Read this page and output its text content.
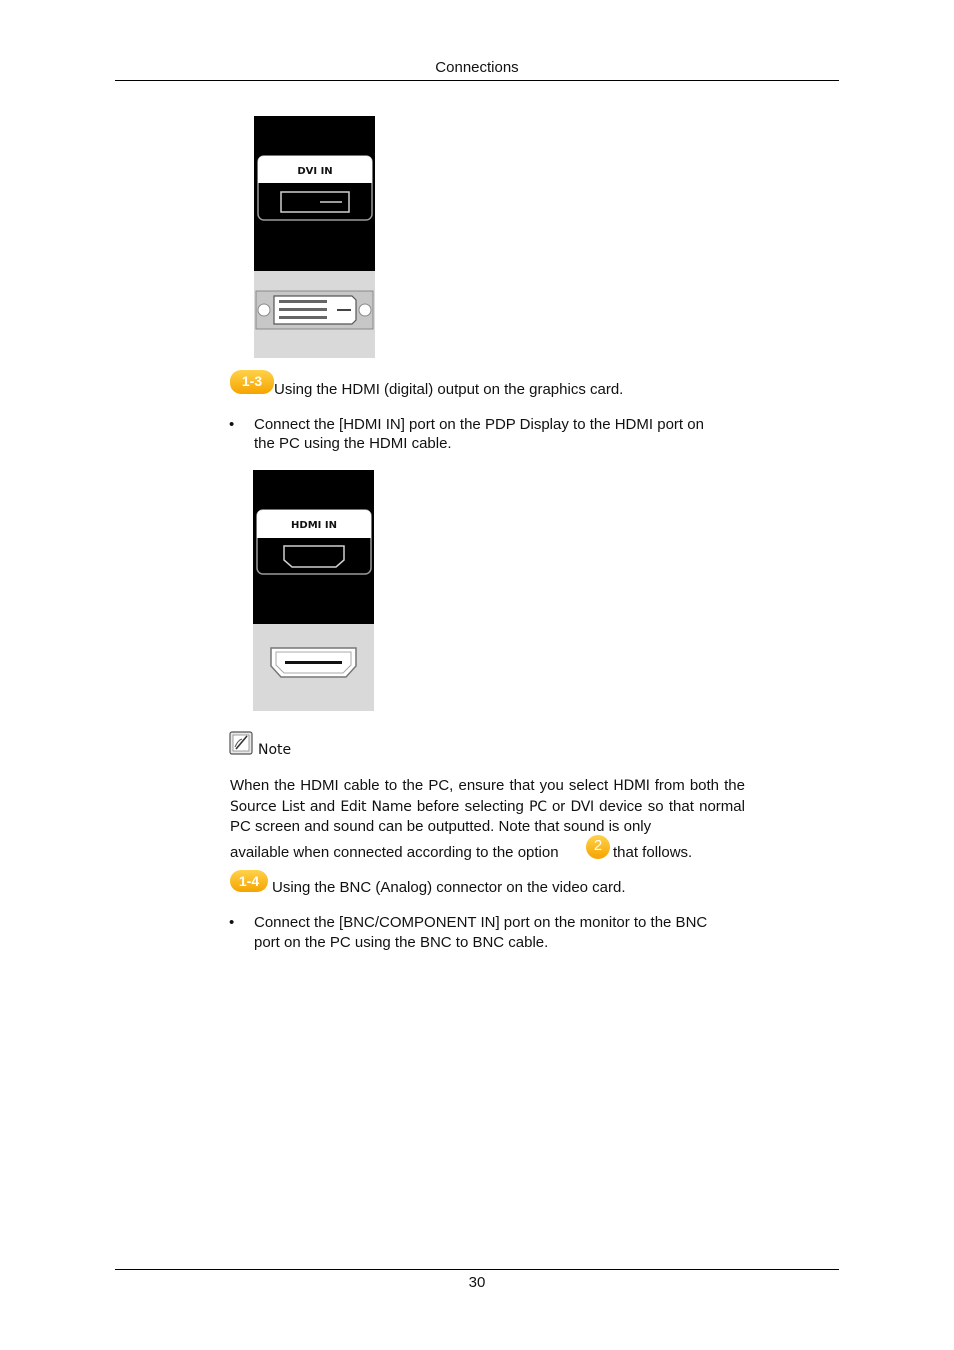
Connections
DVI IN
1-3 Using the HDMI (digital) output on the graphics card.
• Connect the [HDMI IN] port on the PDP Display to the HDMI port on
the PC using the HDMI cable.
HDMI IN
Note
When the HDMI cable to the PC, ensure that you select HDMI from both the Source List and Edit Name before selecting PC or DVI device so that normal PC screen and sound can be outputted. Note that sound is only
available when connected according to the option	2 that follows.
1-4 Using the BNC (Analog) connector on the video card.
• Connect the [BNC/COMPONENT IN] port on the monitor to the BNC
port on the PC using the BNC to BNC cable.
30
